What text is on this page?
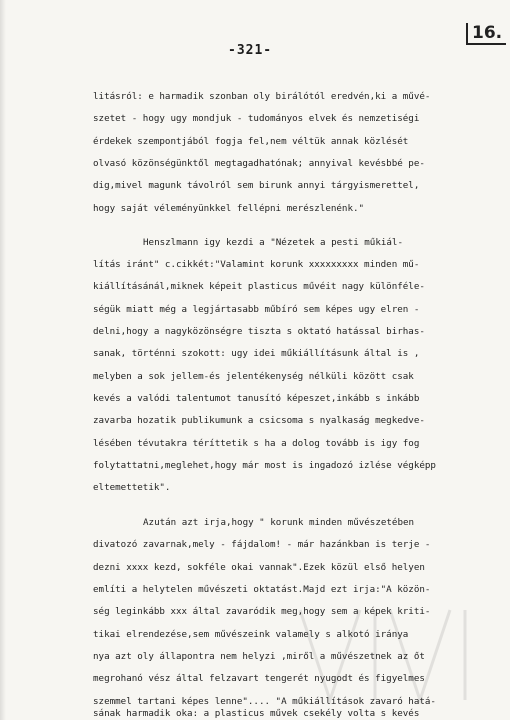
-321-
16.
litásról: e harmadik szonban oly birálótól eredvén,ki a művé-
szetet - hogy ugy mondjuk - tudományos elvek és nemzetiségi
érdekek szempontjából fogja fel,nem véltük annak közlését
olvasó közönségünktől megtagadhatónak; annyival kevésbbé pe-
dig,mivel magunk távolról sem birunk annyi tárgyismerettel,
hogy saját véleményünkkel fellépni merészlenénk."
Henszlmann igy kezdi a "Nézetek a pesti műkiál-
lítás iránt" c.cikkét:"Valamint korunk xxxxxxxxx minden mű-
kiállításánál,miknek képeit plasticus művéit nagy különféle-
ségük miatt még a legjártasabb műbíró sem képes ugy elren -
delni,hogy a nagyközönségre tiszta s oktató hatással birhas-
sanak, történni szokott: ugy idei műkiállításunk által is ,
melyben a sok jellem-és jelentékenység nélküli között csak
kevés a valódi talentumot tanusító képeszet,inkább s inkább
zavarba hozatik publikumunk a csicsoma s nyalkaság megkedve-
lésében tévutakra téríttetik s ha a dolog tovább is igy fog
folytattatni,meglehet,hogy már most is ingadozó izlése végképp
eltemettetik".
Azután azt irja,hogy " korunk minden művészetében
divatozó zavarnak,mely - fájdalom! - már hazánkban is terje -
dezni xxxx kezd, sokféle okai vannak".Ezek közül első helyen
említi a helytelen művészeti oktatást.Majd ezt irja:"A közön-
ség leginkább xxx által zavaródik meg,hogy sem a képek kriti-
tikai elrendezése,sem művészeink valamely s alkotó iránya
nya azt oly állapontra nem helyzi ,miről a művészetnek az őt
megrohanó vész által felzavart tengerét nyugodt és figyelmes
szemmel tartani képes lenne".... "A műkiállítások zavaró hatá-
sának harmadik oka: a plasticus művek csekély volta s kevés
